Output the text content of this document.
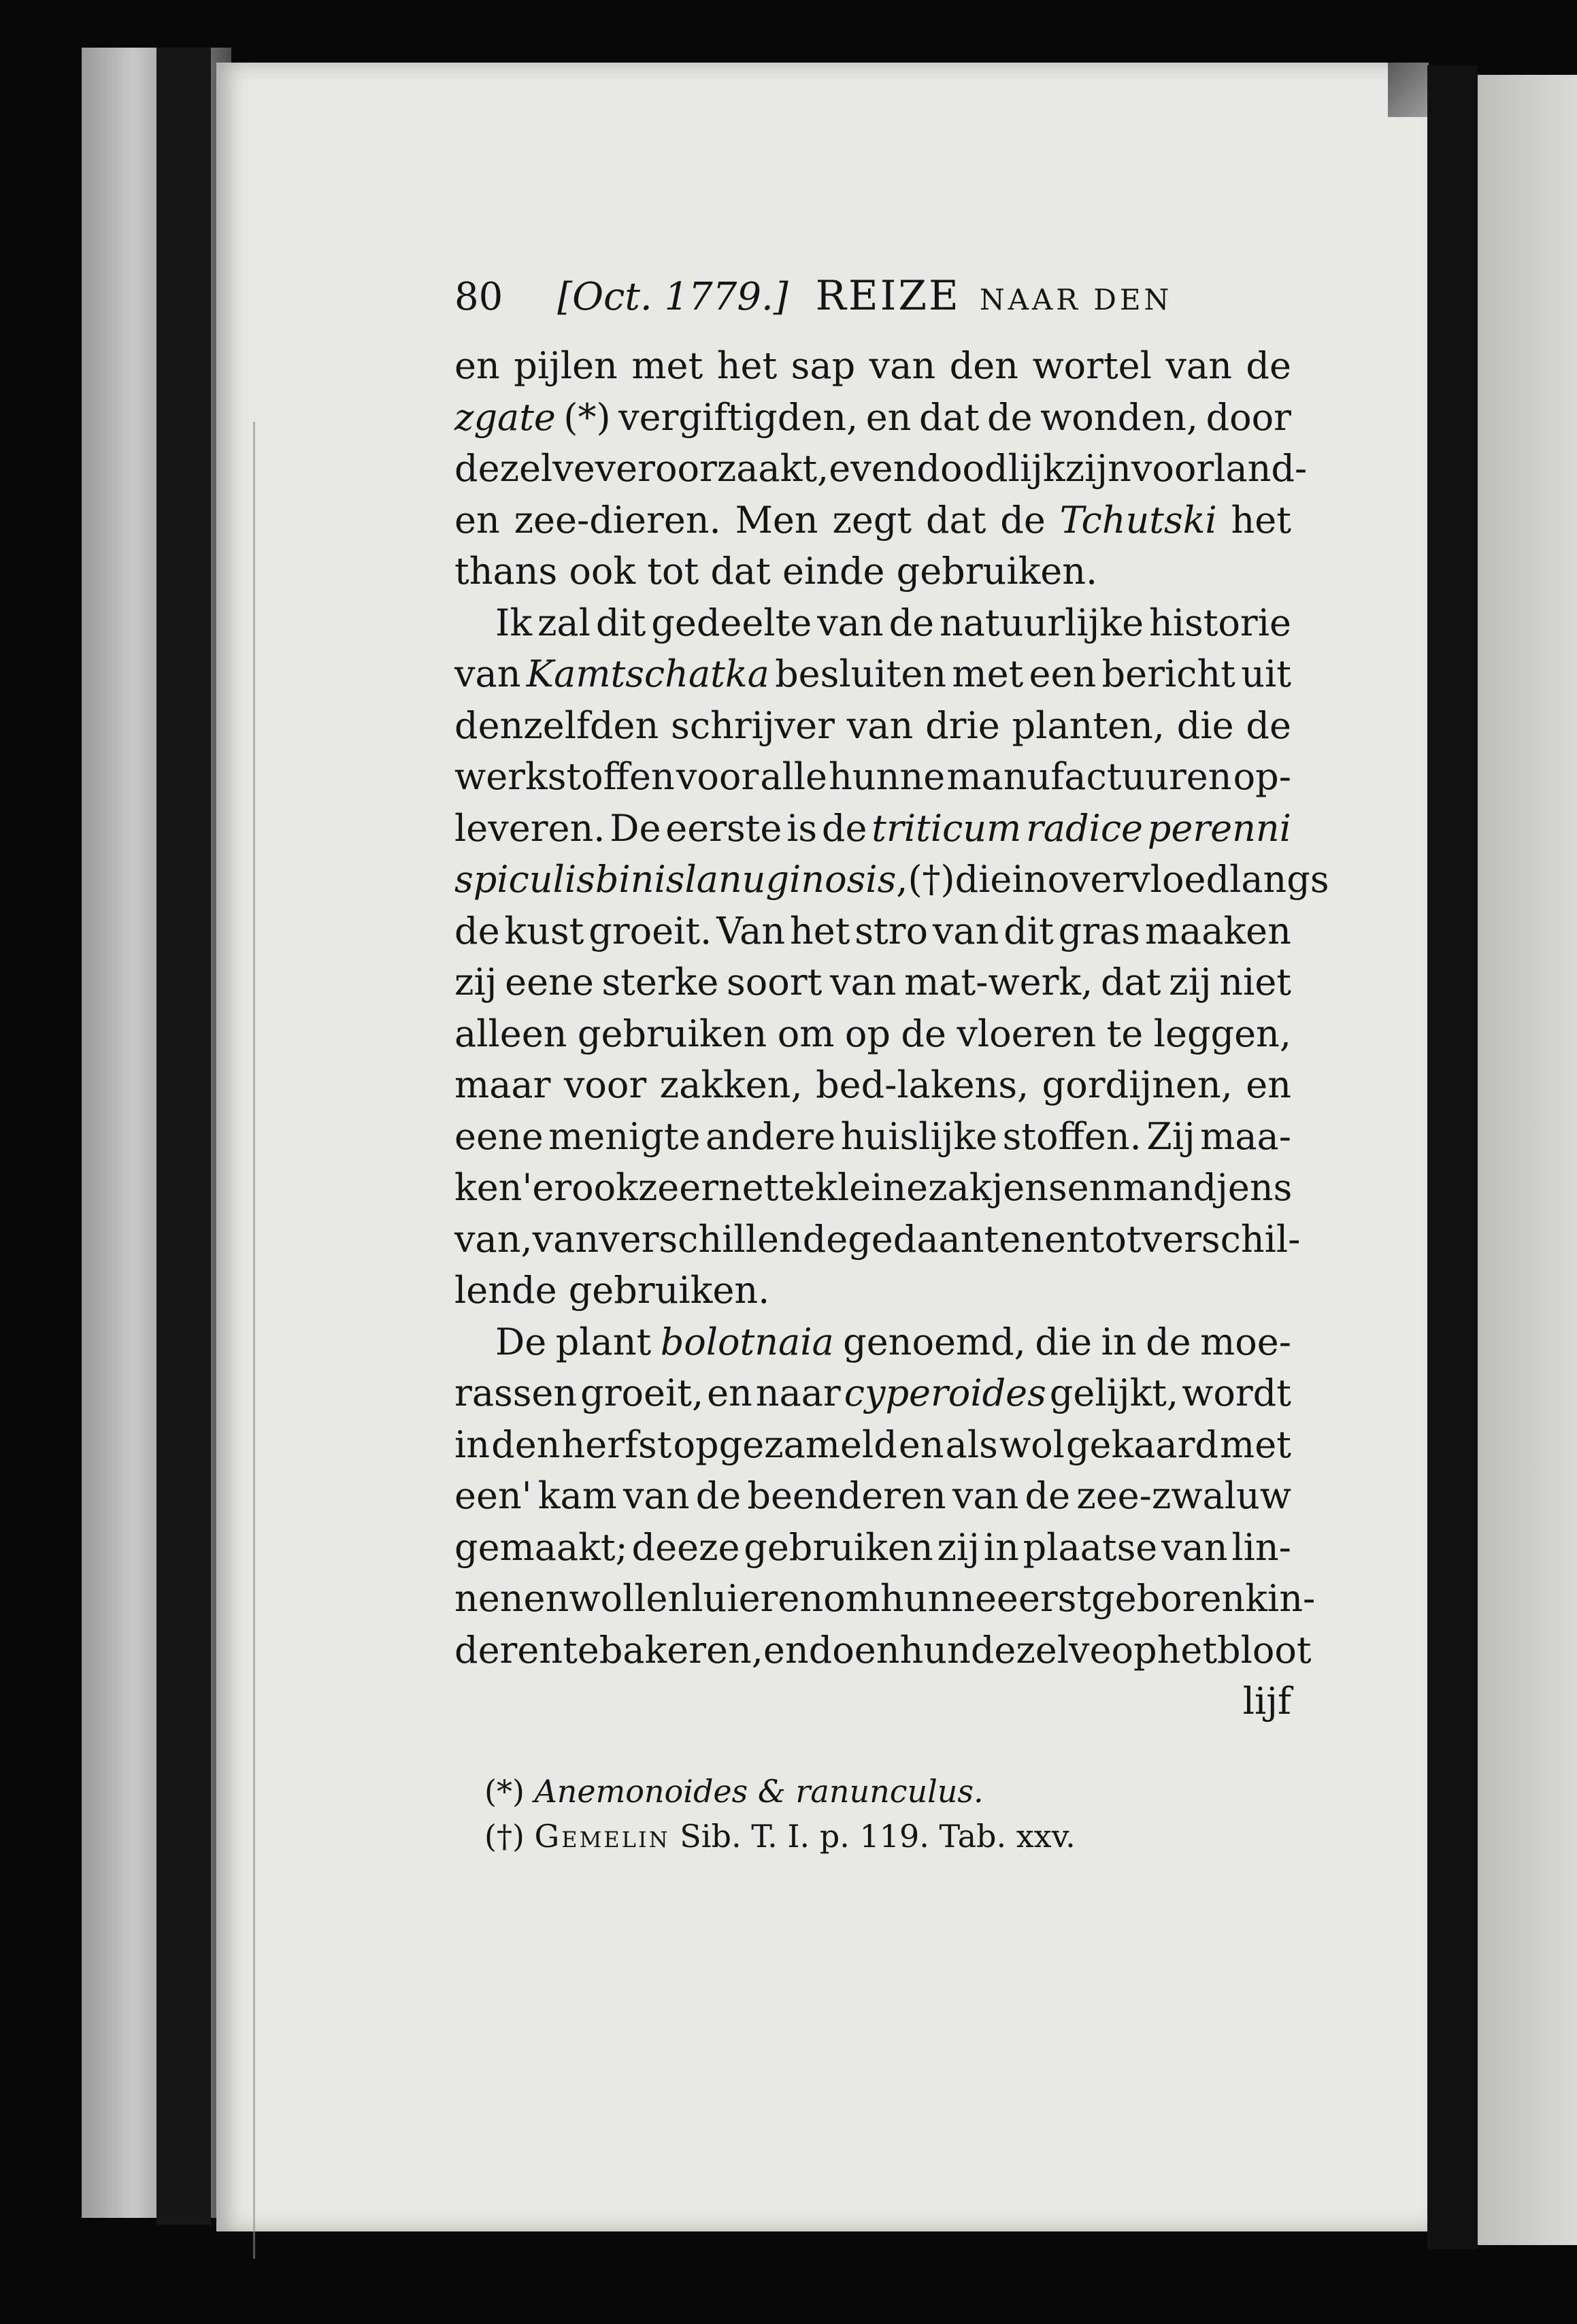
80 [Oct. 1779.] REIZE NAAR DEN
en pijlen met het sap van den wortel van de
zgate (*) vergiftigden, en dat de wonden, door
dezelve veroorzaakt, even doodlijk zijn voor land-
en zee-dieren. Men zegt dat de Tchutski het
thans ook tot dat einde gebruiken.
Ik zal dit gedeelte van de natuurlijke historie
van Kamtschatka besluiten met een bericht uit
denzelfden schrijver van drie planten, die de
werkstoffen voor alle hunne manufactuuren op-
leveren. De eerste is de triticum radice perenni
spiculis binis lanuginosis , (†) die in overvloed langs
de kust groeit. Van het stro van dit gras maaken
zij eene sterke soort van mat-werk, dat zij niet
alleen gebruiken om op de vloeren te leggen,
maar voor zakken, bed-lakens, gordijnen, en
eene menigte andere huislijke stoffen. Zij maa-
ken 'er ook zeer nette kleine zakjens en mandjens
van, van verschillende gedaanten en tot verschil-
lende gebruiken.
De plant bolotnaia genoemd, die in de moe-
rassen groeit, en naar cyperoides gelijkt, wordt
in den herfst opgezameld en als wol gekaard met
een' kam van de beenderen van de zee-zwaluw
gemaakt; deeze gebruiken zij in plaatse van lin-
nen en wollen luieren om hunne eerstgeboren kin-
deren te bakeren, en doen hun dezelve op het bloot
lijf
(*) Anemonoides & ranunculus.
(†) Gemelin Sib. T. I. p. 119. Tab. xxv.
